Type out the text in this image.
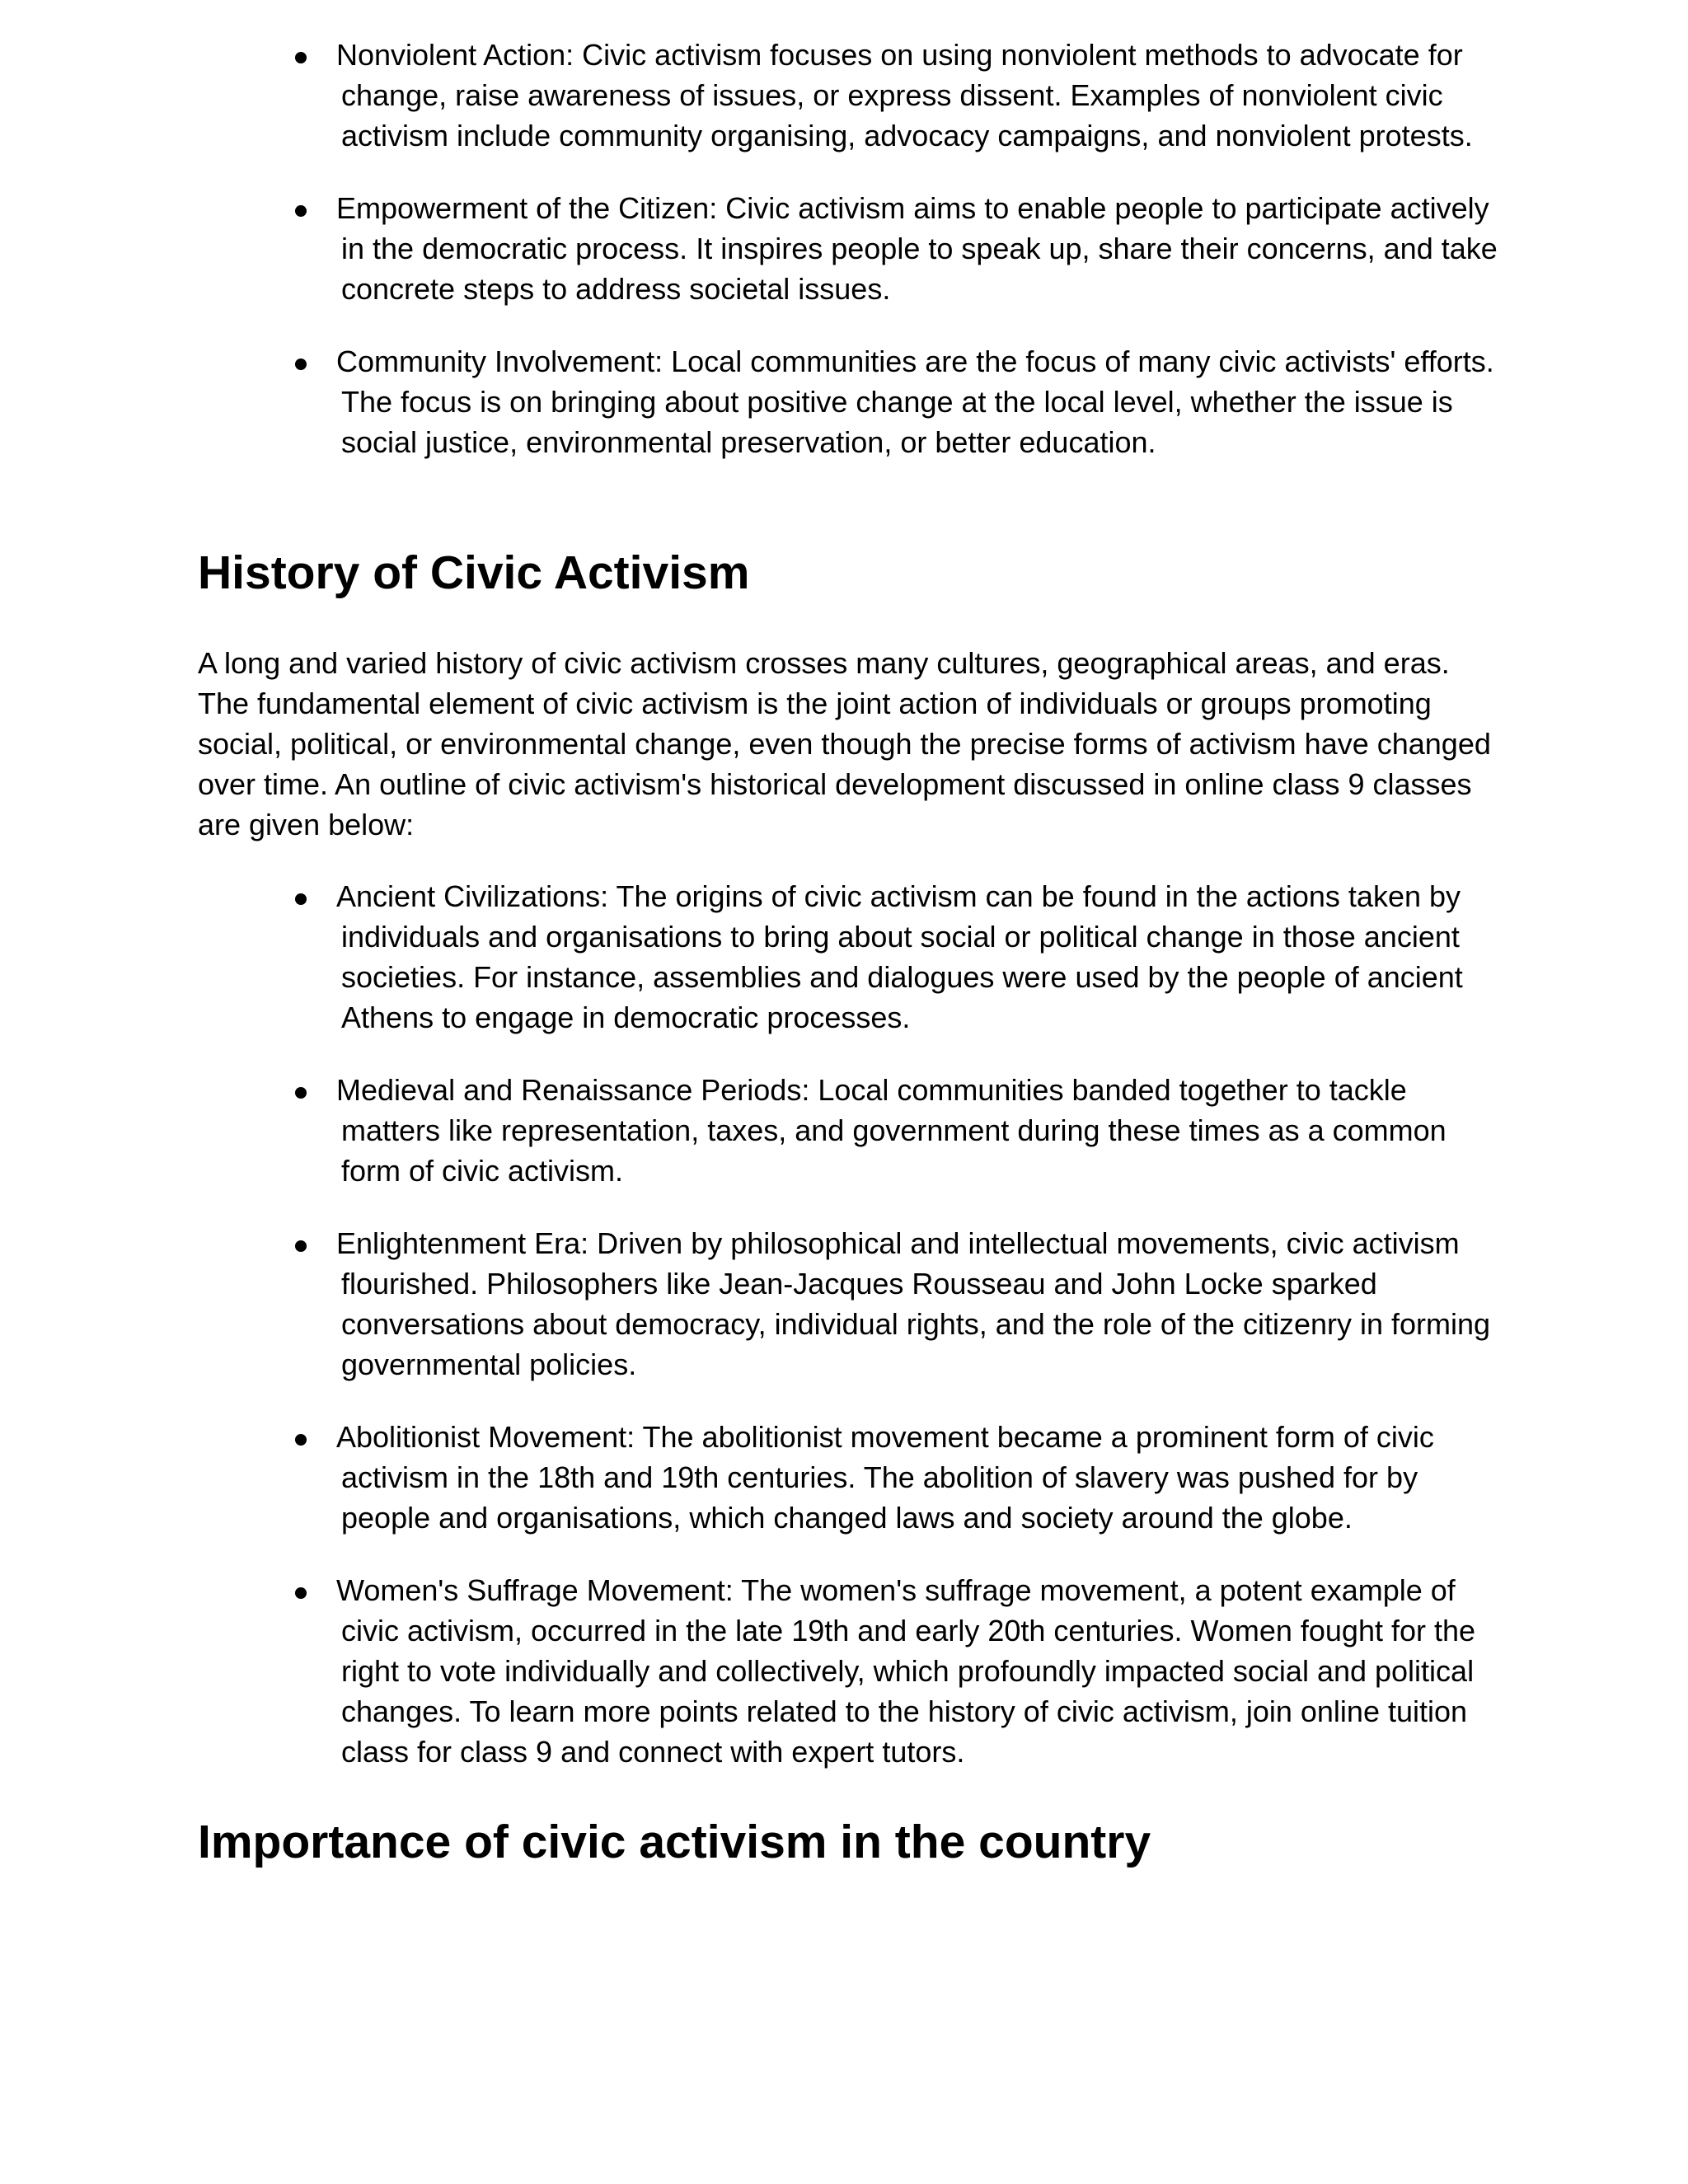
Nonviolent Action: Civic activism focuses on using nonviolent methods to advocate for change, raise awareness of issues, or express dissent. Examples of nonviolent civic activism include community organising, advocacy campaigns, and nonviolent protests.
Empowerment of the Citizen: Civic activism aims to enable people to participate actively in the democratic process. It inspires people to speak up, share their concerns, and take concrete steps to address societal issues.
Community Involvement: Local communities are the focus of many civic activists' efforts. The focus is on bringing about positive change at the local level, whether the issue is social justice, environmental preservation, or better education.
History of Civic Activism

A long and varied history of civic activism crosses many cultures, geographical areas, and eras. The fundamental element of civic activism is the joint action of individuals or groups promoting social, political, or environmental change, even though the precise forms of activism have changed over time. An outline of civic activism's historical development discussed in online class 9 classes are given below:

Ancient Civilizations: The origins of civic activism can be found in the actions taken by individuals and organisations to bring about social or political change in those ancient societies. For instance, assemblies and dialogues were used by the people of ancient Athens to engage in democratic processes.
Medieval and Renaissance Periods: Local communities banded together to tackle matters like representation, taxes, and government during these times as a common form of civic activism.
Enlightenment Era: Driven by philosophical and intellectual movements, civic activism flourished. Philosophers like Jean-Jacques Rousseau and John Locke sparked conversations about democracy, individual rights, and the role of the citizenry in forming governmental policies.
Abolitionist Movement: The abolitionist movement became a prominent form of civic activism in the 18th and 19th centuries. The abolition of slavery was pushed for by people and organisations, which changed laws and society around the globe.
Women's Suffrage Movement: The women's suffrage movement, a potent example of civic activism, occurred in the late 19th and early 20th centuries. Women fought for the right to vote individually and collectively, which profoundly impacted social and political changes. To learn more points related to the history of civic activism, join online tuition class for class 9 and connect with expert tutors.
Importance of civic activism in the country
